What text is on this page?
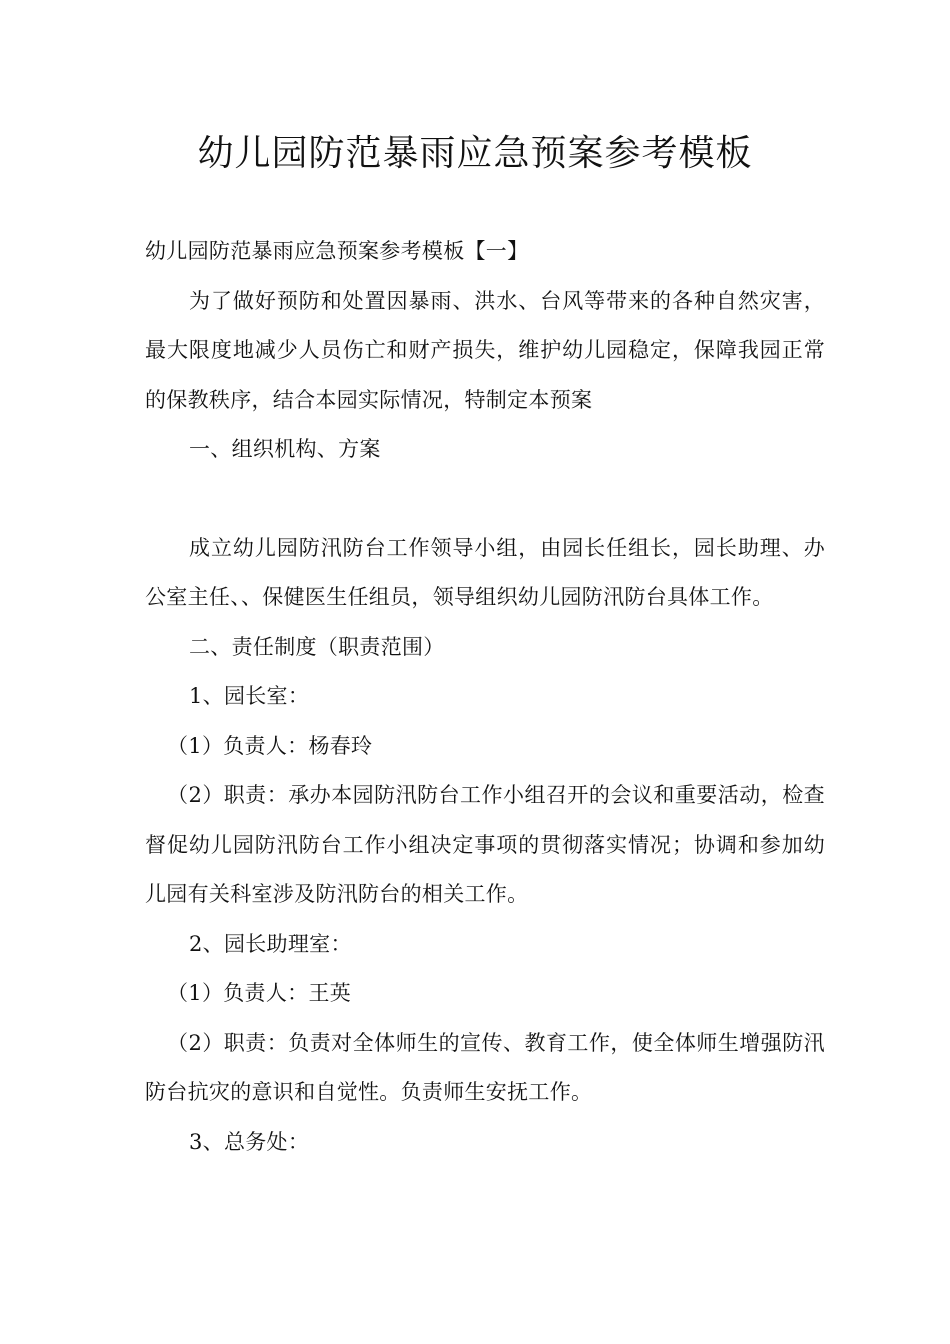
幼儿园防范暴雨应急预案参考模板

幼儿园防范暴雨应急预案参考模板【一】

为了做好预防和处置因暴雨、洪水、台风等带来的各种自然灾害，最大限度地减少人员伤亡和财产损失，维护幼儿园稳定，保障我园正常的保教秩序，结合本园实际情况，特制定本预案

一、组织机构、方案

成立幼儿园防汛防台工作领导小组，由园长任组长，园长助理、办公室主任、、保健医生任组员，领导组织幼儿园防汛防台具体工作。

二、责任制度（职责范围）

1、园长室：

（1）负责人：杨春玲

（2）职责：承办本园防汛防台工作小组召开的会议和重要活动，检查督促幼儿园防汛防台工作小组决定事项的贯彻落实情况；协调和参加幼儿园有关科室涉及防汛防台的相关工作。

2、园长助理室：

（1）负责人：王英

（2）职责：负责对全体师生的宣传、教育工作，使全体师生增强防汛防台抗灾的意识和自觉性。负责师生安抚工作。

3、总务处：
